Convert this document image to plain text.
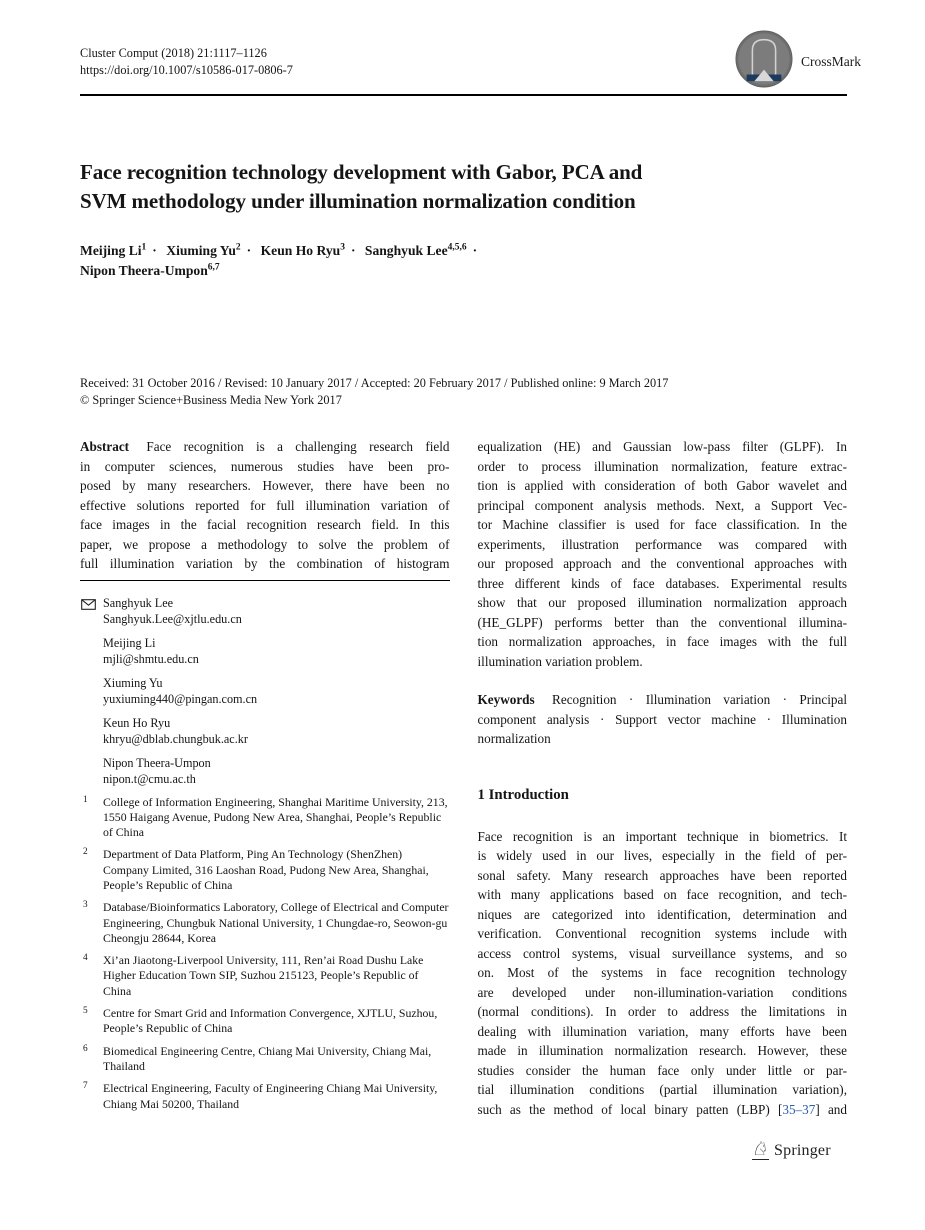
Cluster Comput (2018) 21:1117–1126
https://doi.org/10.1007/s10586-017-0806-7
CrossMark
Face recognition technology development with Gabor, PCA and
SVM methodology under illumination normalization condition
Meijing $Li^1 \cdot Xiuming$ $Yu^2$ · Keun Ho Ryu$^3$ · Sanghyuk Lee$^{4,5,6}$ ·
Nipon Theera-Umpon$^{6,7}$
Received: 31 October 2016 / Revised: 10 January 2017 / Accepted: 20 February 2017 / Published online: 9 March 2017
© Springer Science+Business Media New York 2017
Abstract Face recognition is a challenging research field
in computer sciences, numerous studies have been pro-
posed by many researchers. However, there have been no
effective solutions reported for full illumination variation of
face images in the facial recognition research field. In this
paper, we propose a methodology to solve the problem of
full illumination variation by the combination of histogram
Sanghyuk Lee
Sanghyuk.Lee@xjtlu.edu.cn
Meijing Li
mjli@shmtu.edu.cn
Xiuming Yu
yuxiuming440@pingan.com.cn
Keun Ho Ryu
khryu@dblab.chungbuk.ac.kr
Nipon Theera-Umpon
nipon.t@cmu.ac.th
1 College of Information Engineering, Shanghai Maritime University, 213, 1550 Haigang Avenue, Pudong New Area, Shanghai, People’s Republic of China
2 Department of Data Platform, Ping An Technology (ShenZhen) Company Limited, 316 Laoshan Road, Pudong New Area, Shanghai, People’s Republic of China
3 Database/Bioinformatics Laboratory, College of Electrical and Computer Engineering, Chungbuk National University, 1 Chungdae-ro, Seowon-gu Cheongju 28644, Korea
4 Xi’an Jiaotong-Liverpool University, 111, Ren’ai Road Dushu Lake Higher Education Town SIP, Suzhou 215123, People’s Republic of China
5 Centre for Smart Grid and Information Convergence, XJTLU, Suzhou, People’s Republic of China
6 Biomedical Engineering Centre, Chiang Mai University, Chiang Mai, Thailand
7 Electrical Engineering, Faculty of Engineering Chiang Mai University, Chiang Mai 50200, Thailand
equalization (HE) and Gaussian low-pass filter (GLPF). In
order to process illumination normalization, feature extrac-
tion is applied with consideration of both Gabor wavelet and
principal component analysis methods. Next, a Support Vec-
tor Machine classifier is used for face classification. In the
experiments, illustration performance was compared with
our proposed approach and the conventional approaches with
three different kinds of face databases. Experimental results
show that our proposed illumination normalization approach
(HE_GLPF) performs better than the conventional illumina-
tion normalization approaches, in face images with the full
illumination variation problem.
Keywords Recognition · Illumination variation · Principal
component analysis · Support vector machine · Illumination
normalization
1 Introduction
Face recognition is an important technique in biometrics. It
is widely used in our lives, especially in the field of per-
sonal safety. Many research approaches have been reported
with many applications based on face recognition, and tech-
niques are categorized into identification, determination and
verification. Conventional recognition systems include with
access control systems, visual surveillance systems, and so
on. Most of the systems in face recognition technology
are developed under non-illumination-variation conditions
(normal conditions). In order to address the limitations in
dealing with illumination variation, many efforts have been
made in illumination normalization research. However, these
studies consider the human face only under little or par-
tial illumination conditions (partial illumination variation),
such as the method of local binary patten (LBP) [35–37] and
♘ Springer
